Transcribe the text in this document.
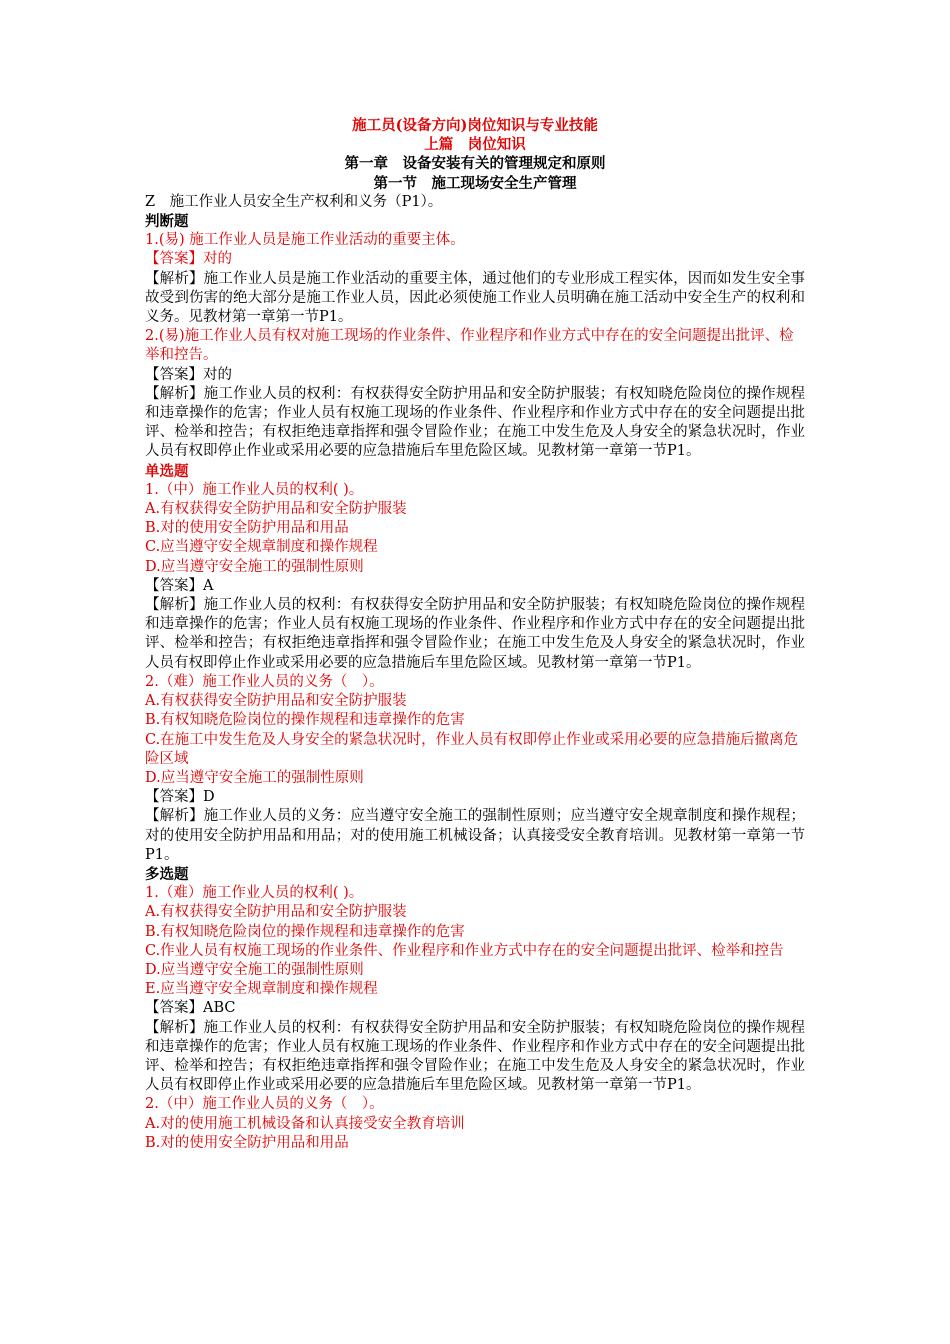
施工员(设备方向)岗位知识与专业技能
上篇　岗位知识
第一章　设备安装有关的管理规定和原则
第一节　施工现场安全生产管理
Z　施工作业人员安全生产权利和义务（P1）。
判断题
1.(易) 施工作业人员是施工作业活动的重要主体。
【答案】对的
【解析】施工作业人员是施工作业活动的重要主体，通过他们的专业形成工程实体，因而如发生安全事故受到伤害的绝大部分是施工作业人员，因此必须使施工作业人员明确在施工活动中安全生产的权利和义务。见教材第一章第一节P1。
2.(易)施工作业人员有权对施工现场的作业条件、作业程序和作业方式中存在的安全问题提出批评、检举和控告。
【答案】对的
【解析】施工作业人员的权利：有权获得安全防护用品和安全防护服装；有权知晓危险岗位的操作规程和违章操作的危害；作业人员有权施工现场的作业条件、作业程序和作业方式中存在的安全问题提出批评、检举和控告；有权拒绝违章指挥和强令冒险作业；在施工中发生危及人身安全的紧急状况时，作业人员有权即停止作业或采用必要的应急措施后车里危险区域。见教材第一章第一节P1。
单选题
1.（中）施工作业人员的权利( )。
A.有权获得安全防护用品和安全防护服装
B.对的使用安全防护用品和用品
C.应当遵守安全规章制度和操作规程
D.应当遵守安全施工的强制性原则
【答案】A
【解析】施工作业人员的权利：有权获得安全防护用品和安全防护服装；有权知晓危险岗位的操作规程和违章操作的危害；作业人员有权施工现场的作业条件、作业程序和作业方式中存在的安全问题提出批评、检举和控告；有权拒绝违章指挥和强令冒险作业；在施工中发生危及人身安全的紧急状况时，作业人员有权即停止作业或采用必要的应急措施后车里危险区域。见教材第一章第一节P1。
2.（难）施工作业人员的义务（　）。
A.有权获得安全防护用品和安全防护服装
B.有权知晓危险岗位的操作规程和违章操作的危害
C.在施工中发生危及人身安全的紧急状况时，作业人员有权即停止作业或采用必要的应急措施后撤离危险区域
D.应当遵守安全施工的强制性原则
【答案】D
【解析】施工作业人员的义务：应当遵守安全施工的强制性原则；应当遵守安全规章制度和操作规程；对的使用安全防护用品和用品；对的使用施工机械设备；认真接受安全教育培训。见教材第一章第一节P1。
多选题
1.（难）施工作业人员的权利( )。
A.有权获得安全防护用品和安全防护服装
B.有权知晓危险岗位的操作规程和违章操作的危害
C.作业人员有权施工现场的作业条件、作业程序和作业方式中存在的安全问题提出批评、检举和控告
D.应当遵守安全施工的强制性原则
E.应当遵守安全规章制度和操作规程
【答案】ABC
【解析】施工作业人员的权利：有权获得安全防护用品和安全防护服装；有权知晓危险岗位的操作规程和违章操作的危害；作业人员有权施工现场的作业条件、作业程序和作业方式中存在的安全问题提出批评、检举和控告；有权拒绝违章指挥和强令冒险作业；在施工中发生危及人身安全的紧急状况时，作业人员有权即停止作业或采用必要的应急措施后车里危险区域。见教材第一章第一节P1。
2.（中）施工作业人员的义务（　）。
A.对的使用施工机械设备和认真接受安全教育培训
B.对的使用安全防护用品和用品
